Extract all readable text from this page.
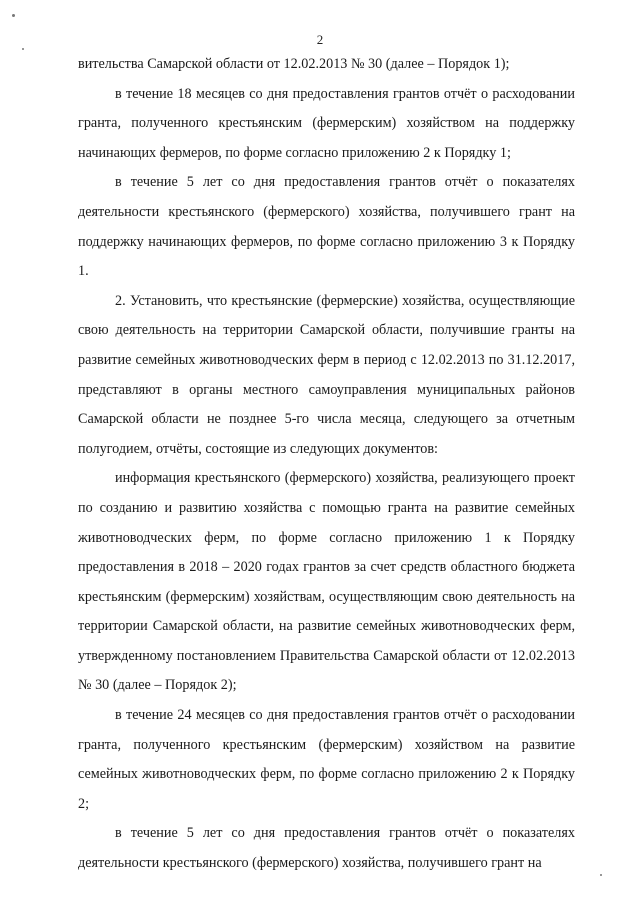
2

вительства Самарской области от 12.02.2013 № 30 (далее – Порядок 1);

в течение 18 месяцев со дня предоставления грантов отчёт о расходовании гранта, полученного крестьянским (фермерским) хозяйством на поддержку начинающих фермеров, по форме согласно приложению 2 к Порядку 1;

в течение 5 лет со дня предоставления грантов отчёт о показателях деятельности крестьянского (фермерского) хозяйства, получившего грант на поддержку начинающих фермеров, по форме согласно приложению 3 к Порядку 1.

2. Установить, что крестьянские (фермерские) хозяйства, осуществляющие свою деятельность на территории Самарской области, получившие гранты на развитие семейных животноводческих ферм в период с 12.02.2013 по 31.12.2017, представляют в органы местного самоуправления муниципальных районов Самарской области не позднее 5-го числа месяца, следующего за отчетным полугодием, отчёты, состоящие из следующих документов:

информация крестьянского (фермерского) хозяйства, реализующего проект по созданию и развитию хозяйства с помощью гранта на развитие семейных животноводческих ферм, по форме согласно приложению 1 к Порядку предоставления в 2018 – 2020 годах грантов за счет средств областного бюджета крестьянским (фермерским) хозяйствам, осуществляющим свою деятельность на территории Самарской области, на развитие семейных животноводческих ферм, утвержденному постановлением Правительства Самарской области от 12.02.2013 № 30 (далее – Порядок 2);

в течение 24 месяцев со дня предоставления грантов отчёт о расходовании гранта, полученного крестьянским (фермерским) хозяйством на развитие семейных животноводческих ферм, по форме согласно приложению 2 к Порядку 2;

в течение 5 лет со дня предоставления грантов отчёт о показателях деятельности крестьянского (фермерского) хозяйства, получившего грант на
